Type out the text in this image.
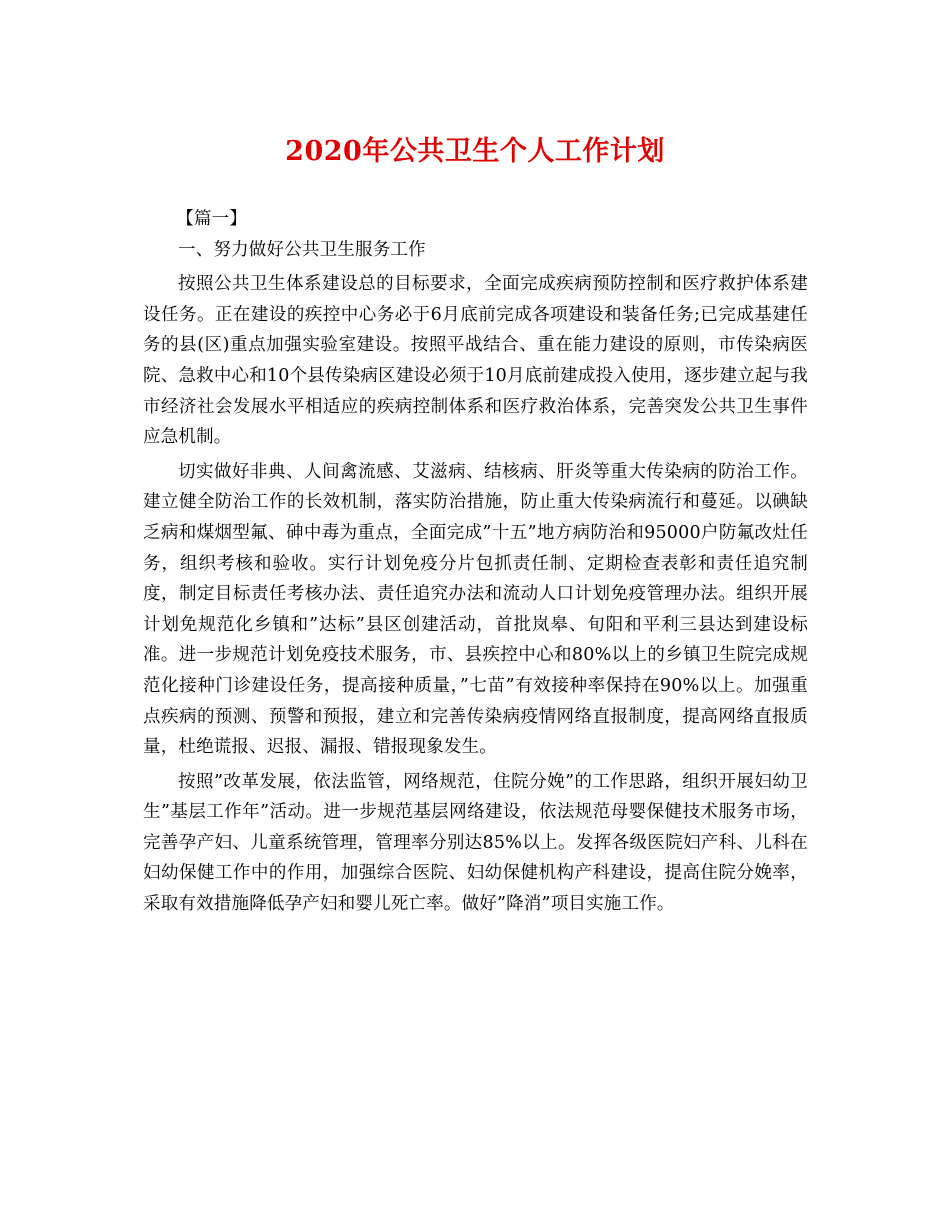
2020年公共卫生个人工作计划

【篇一】

一、努力做好公共卫生服务工作

按照公共卫生体系建设总的目标要求，全面完成疾病预防控制和医疗救护体系建设任务。正在建设的疾控中心务必于6月底前完成各项建设和装备任务;已完成基建任务的县(区)重点加强实验室建设。按照平战结合、重在能力建设的原则，市传染病医院、急救中心和10个县传染病区建设必须于10月底前建成投入使用，逐步建立起与我市经济社会发展水平相适应的疾病控制体系和医疗救治体系，完善突发公共卫生事件应急机制。

切实做好非典、人间禽流感、艾滋病、结核病、肝炎等重大传染病的防治工作。建立健全防治工作的长效机制，落实防治措施，防止重大传染病流行和蔓延。以碘缺乏病和煤烟型氟、砷中毒为重点，全面完成”十五”地方病防治和95000户防氟改灶任务，组织考核和验收。实行计划免疫分片包抓责任制、定期检查表彰和责任追究制度，制定目标责任考核办法、责任追究办法和流动人口计划免疫管理办法。组织开展计划免规范化乡镇和”达标”县区创建活动，首批岚皋、旬阳和平利三县达到建设标准。进一步规范计划免疫技术服务，市、县疾控中心和80%以上的乡镇卫生院完成规范化接种门诊建设任务，提高接种质量，”七苗”有效接种率保持在90%以上。加强重点疾病的预测、预警和预报，建立和完善传染病疫情网络直报制度，提高网络直报质量，杜绝谎报、迟报、漏报、错报现象发生。

按照”改革发展，依法监管，网络规范，住院分娩”的工作思路，组织开展妇幼卫生”基层工作年”活动。进一步规范基层网络建设，依法规范母婴保健技术服务市场，完善孕产妇、儿童系统管理，管理率分别达85%以上。发挥各级医院妇产科、儿科在妇幼保健工作中的作用，加强综合医院、妇幼保健机构产科建设，提高住院分娩率，采取有效措施降低孕产妇和婴儿死亡率。做好”降消”项目实施工作。
